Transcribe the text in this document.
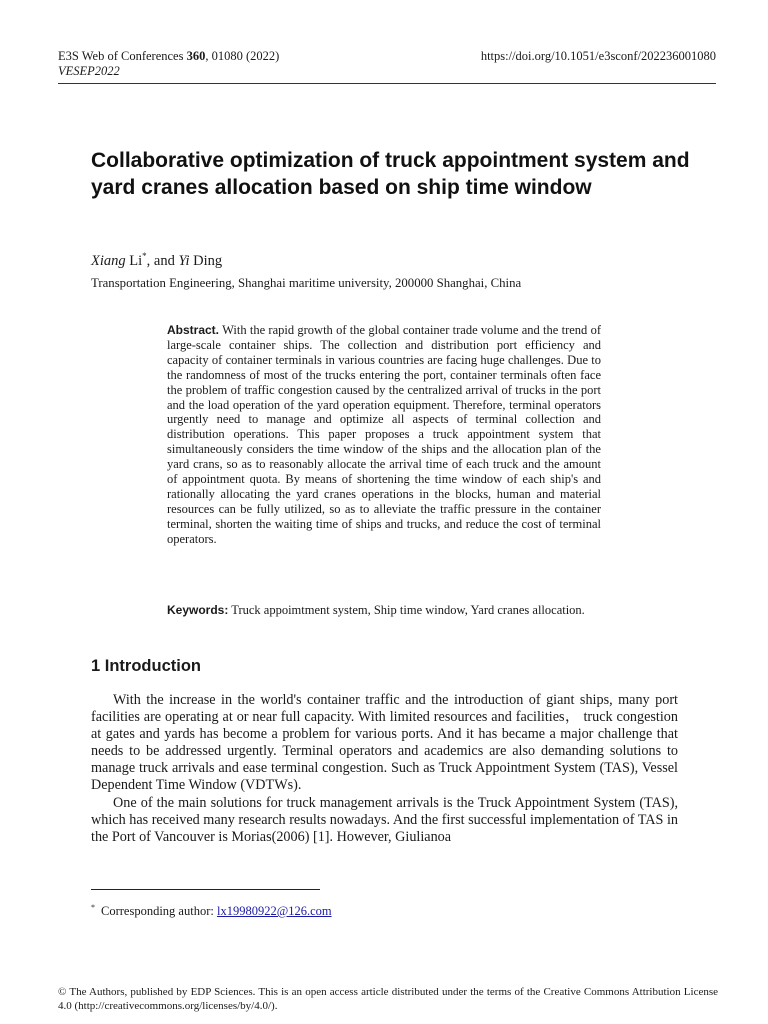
E3S Web of Conferences 360, 01080 (2022)
VESEP2022
https://doi.org/10.1051/e3sconf/202236001080
Collaborative optimization of truck appointment system and yard cranes allocation based on ship time window
Xiang Li*, and Yi Ding
Transportation Engineering, Shanghai maritime university, 200000 Shanghai, China
Abstract. With the rapid growth of the global container trade volume and the trend of large-scale container ships. The collection and distribution port efficiency and capacity of container terminals in various countries are facing huge challenges. Due to the randomness of most of the trucks entering the port, container terminals often face the problem of traffic congestion caused by the centralized arrival of trucks in the port and the load operation of the yard operation equipment. Therefore, terminal operators urgently need to manage and optimize all aspects of terminal collection and distribution operations. This paper proposes a truck appointment system that simultaneously considers the time window of the ships and the allocation plan of the yard crans, so as to reasonably allocate the arrival time of each truck and the amount of appointment quota. By means of shortening the time window of each ship's and rationally allocating the yard cranes operations in the blocks, human and material resources can be fully utilized, so as to alleviate the traffic pressure in the container terminal, shorten the waiting time of ships and trucks, and reduce the cost of terminal operators.
Keywords: Truck appoimtment system, Ship time window, Yard cranes allocation.
1 Introduction

With the increase in the world's container traffic and the introduction of giant ships, many port facilities are operating at or near full capacity. With limited resources and facilities， truck congestion at gates and yards has become a problem for various ports. And it has became a major challenge that needs to be addressed urgently. Terminal operators and academics are also demanding solutions to manage truck arrivals and ease terminal congestion. Such as Truck Appointment System (TAS), Vessel Dependent Time Window (VDTWs).

One of the main solutions for truck management arrivals is the Truck Appointment System (TAS), which has received many research results nowadays. And the first successful implementation of TAS in the Port of Vancouver is Morias(2006) [1]. However, Giulianoa

* Corresponding author: lx19980922@126.com
© The Authors, published by EDP Sciences. This is an open access article distributed under the terms of the Creative Commons Attribution License 4.0 (http://creativecommons.org/licenses/by/4.0/).
